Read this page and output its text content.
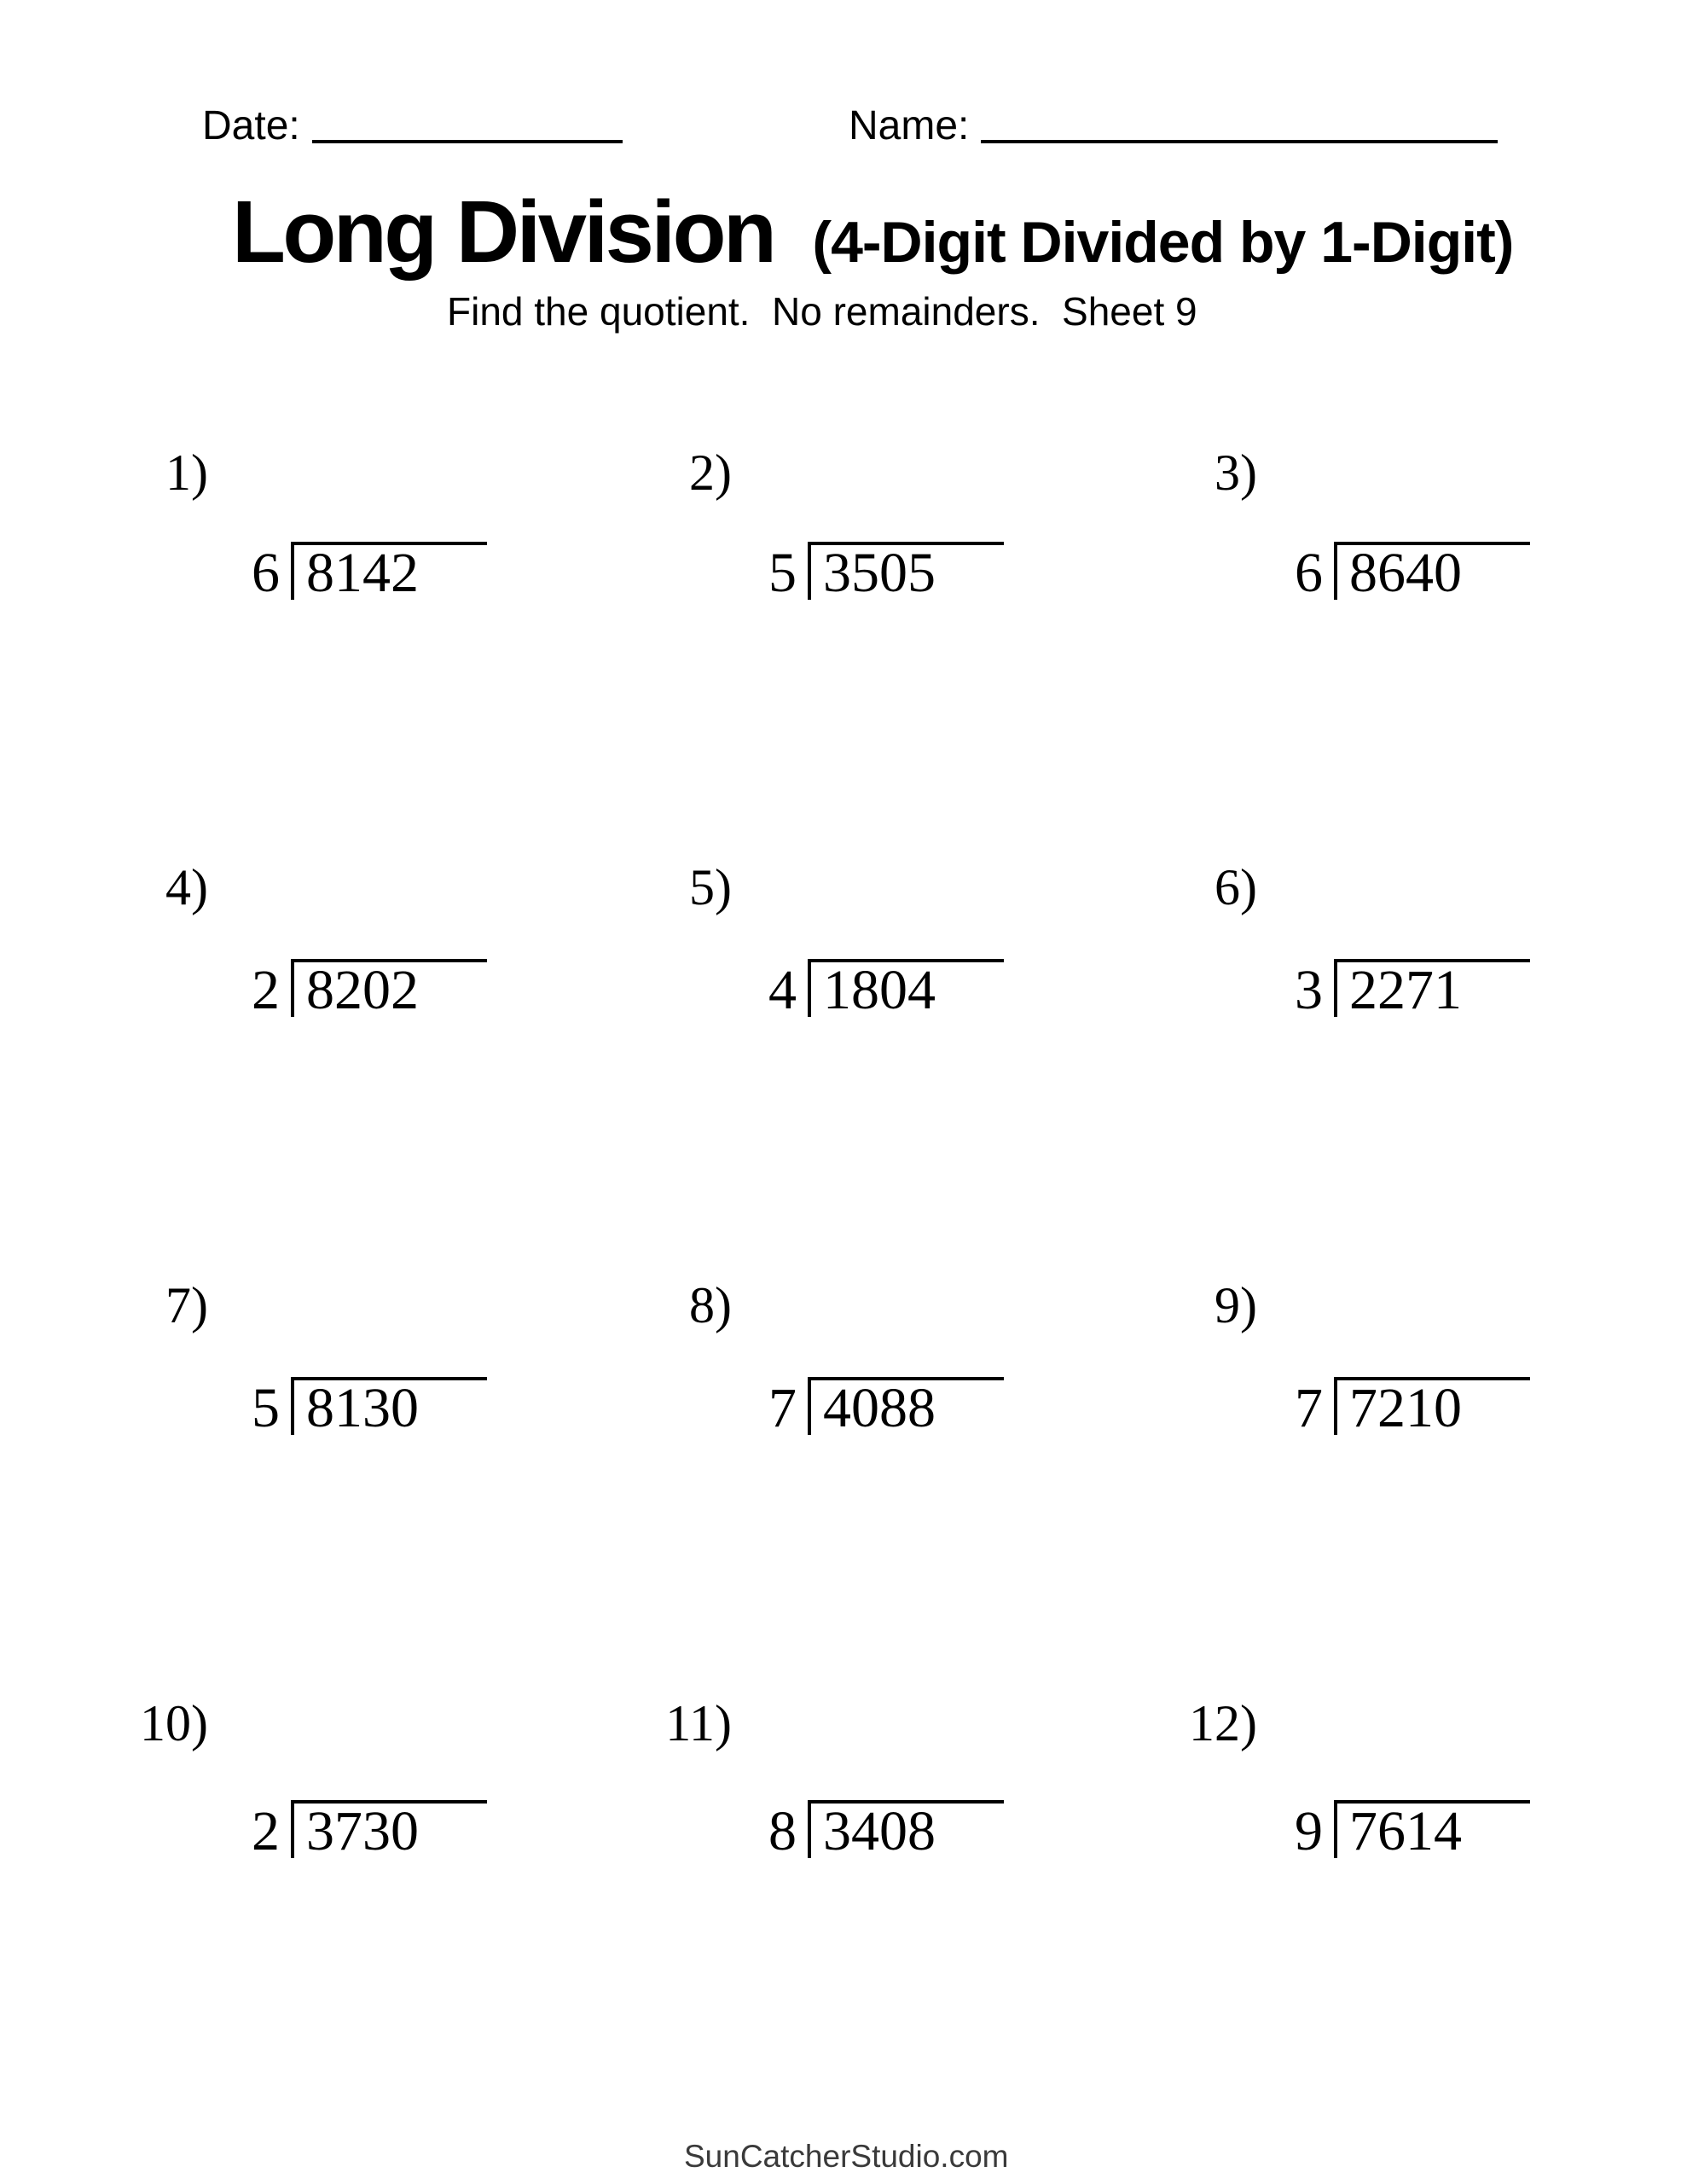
Date:	Name:
Long Division (4-Digit Divided by 1-Digit)
Find the quotient.  No remainders.  Sheet 9
1)
6 8142
2)
5 3505
3)
6 8640
4)
2 8202
5)
4 1804
6)
3 2271
7)
5 8130
8)
7 4088
9)
7 7210
10)
2 3730
11)
8 3408
12)
9 7614
SunCatcherStudio.com
